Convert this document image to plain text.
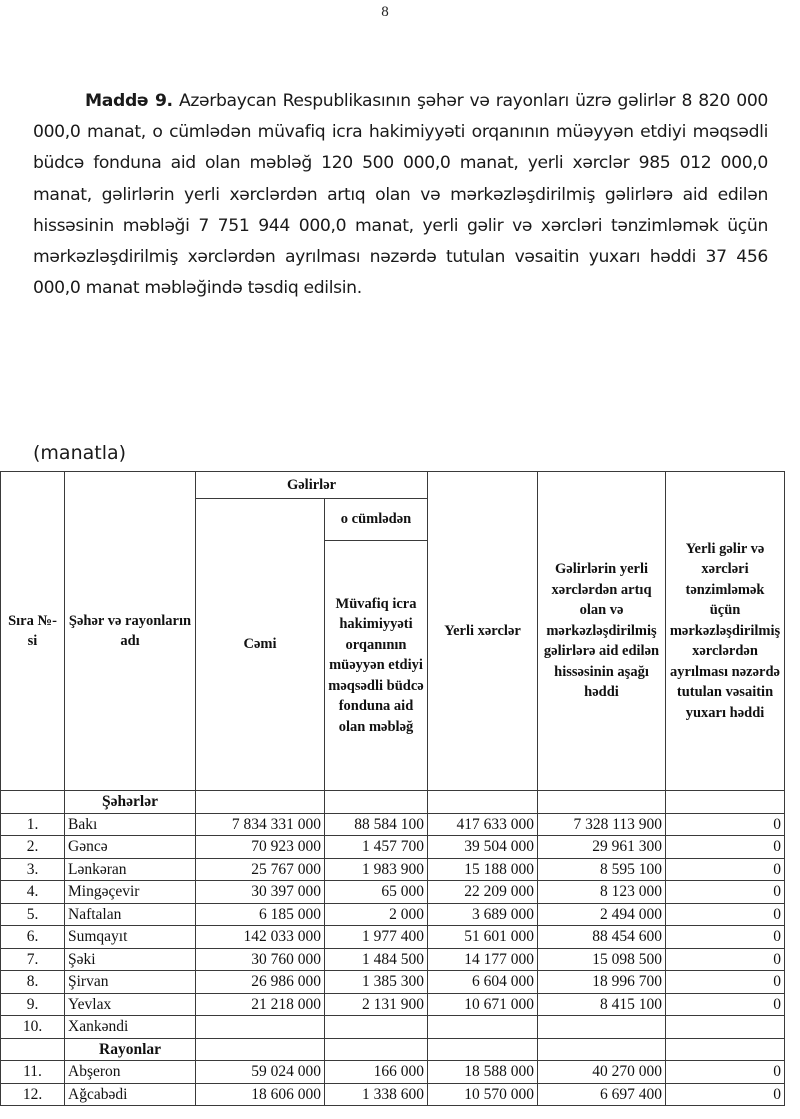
8

Maddə 9. Azərbaycan Respublikasının şəhər və rayonları üzrə gəlirlər 8 820 000 000,0 manat, o cümlədən müvafiq icra hakimiyyəti orqanının müəyyən etdiyi məqsədli büdcə fonduna aid olan məbləğ 120 500 000,0 manat, yerli xərclər 985 012 000,0 manat, gəlirlərin yerli xərclərdən artıq olan və mərkəzləşdirilmiş gəlirlərə aid edilən hissəsinin məbləği 7 751 944 000,0 manat, yerli gəlir və xərcləri tənzimləmək üçün mərkəzləşdirilmiş xərclərdən ayrılması nəzərdə tutulan vəsaitin yuxarı həddi 37 456 000,0 manat məbləğində təsdiq edilsin.

(manatla)
Sıra №-si	Şəhər və rayonların adı	Gəlirlər		Yerli xərclər	Gəlirlərin yerli xərclərdən artıq olan və mərkəzləşdirilmiş gəlirlərə aid edilən hissəsinin aşağı həddi	Yerli gəlir və xərcləri tənzimləmək üçün mərkəzləşdirilmiş xərclərdən ayrılması nəzərdə tutulan vəsaitin yuxarı həddi
		Cəmi	o cümlədən			
			Müvafiq icra hakimiyyəti orqanının müəyyən etdiyi məqsədli büdcə fonduna aid olan məbləğ			
	Şəhərlər					
1.	Bakı	7 834 331 000	88 584 100	417 633 000	7 328 113 900	0
2.	Gəncə	70 923 000	1 457 700	39 504 000	29 961 300	0
3.	Lənkəran	25 767 000	1 983 900	15 188 000	8 595 100	0
4.	Mingəçevir	30 397 000	65 000	22 209 000	8 123 000	0
5.	Naftalan	6 185 000	2 000	3 689 000	2 494 000	0
6.	Sumqayıt	142 033 000	1 977 400	51 601 000	88 454 600	0
7.	Şəki	30 760 000	1 484 500	14 177 000	15 098 500	0
8.	Şirvan	26 986 000	1 385 300	6 604 000	18 996 700	0
9.	Yevlax	21 218 000	2 131 900	10 671 000	8 415 100	0
10.	Xankəndi					
	Rayonlar					
11.	Abşeron	59 024 000	166 000	18 588 000	40 270 000	0
12.	Ağcabədi	18 606 000	1 338 600	10 570 000	6 697 400	0
